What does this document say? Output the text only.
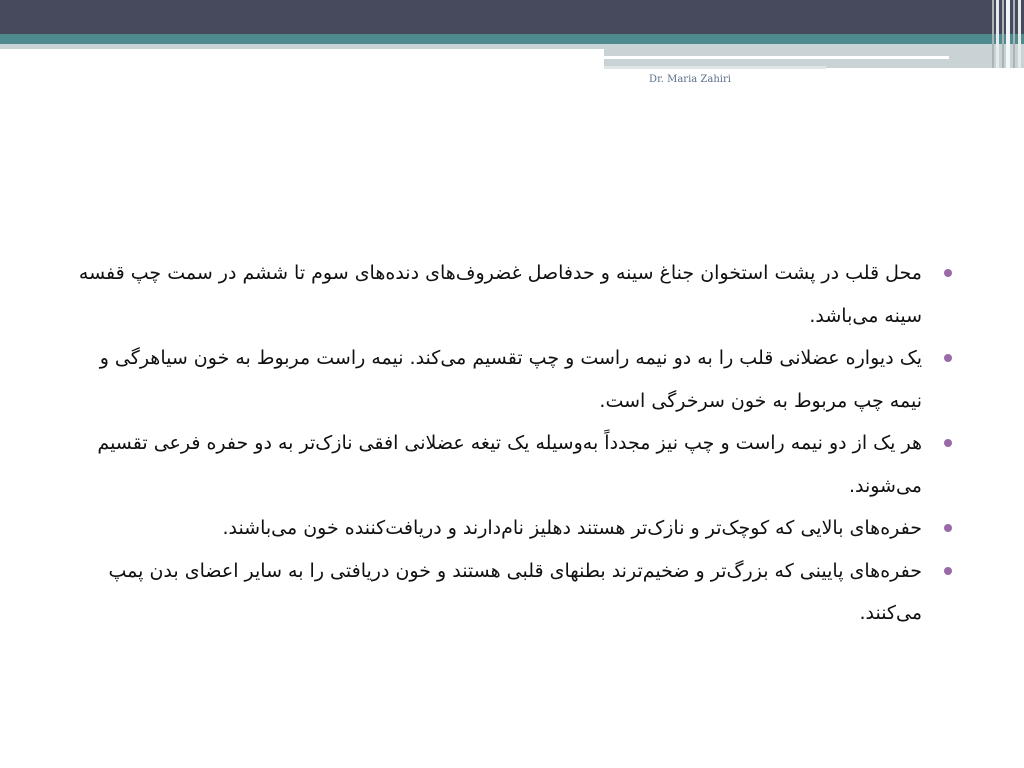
Dr. Maria Zahiri
محل قلب در پشت استخوان جناغ سینه و حدفاصل غضروف‌های دنده‌های سوم تا ششم در سمت چپ قفسه سینه می‌باشد.
یک دیواره عضلانی قلب را به دو نیمه راست و چپ تقسیم می‌کند. نیمه راست مربوط به خون سیاهرگی و نیمه چپ مربوط به خون سرخرگی است.
هر یک از دو نیمه راست و چپ نیز مجدداً به‌وسیله یک تیغه عضلانی افقی نازک‌تر به دو حفره فرعی تقسیم می‌شوند.
حفره‌های بالایی که کوچک‌تر و نازک‌تر هستند دهلیز نام‌دارند و دریافت‌کننده خون می‌باشند.
حفره‌های پایینی که بزرگ‌تر و ضخیم‌ترند بطنهای قلبی هستند و خون دریافتی را به سایر اعضای بدن پمپ می‌کنند.
